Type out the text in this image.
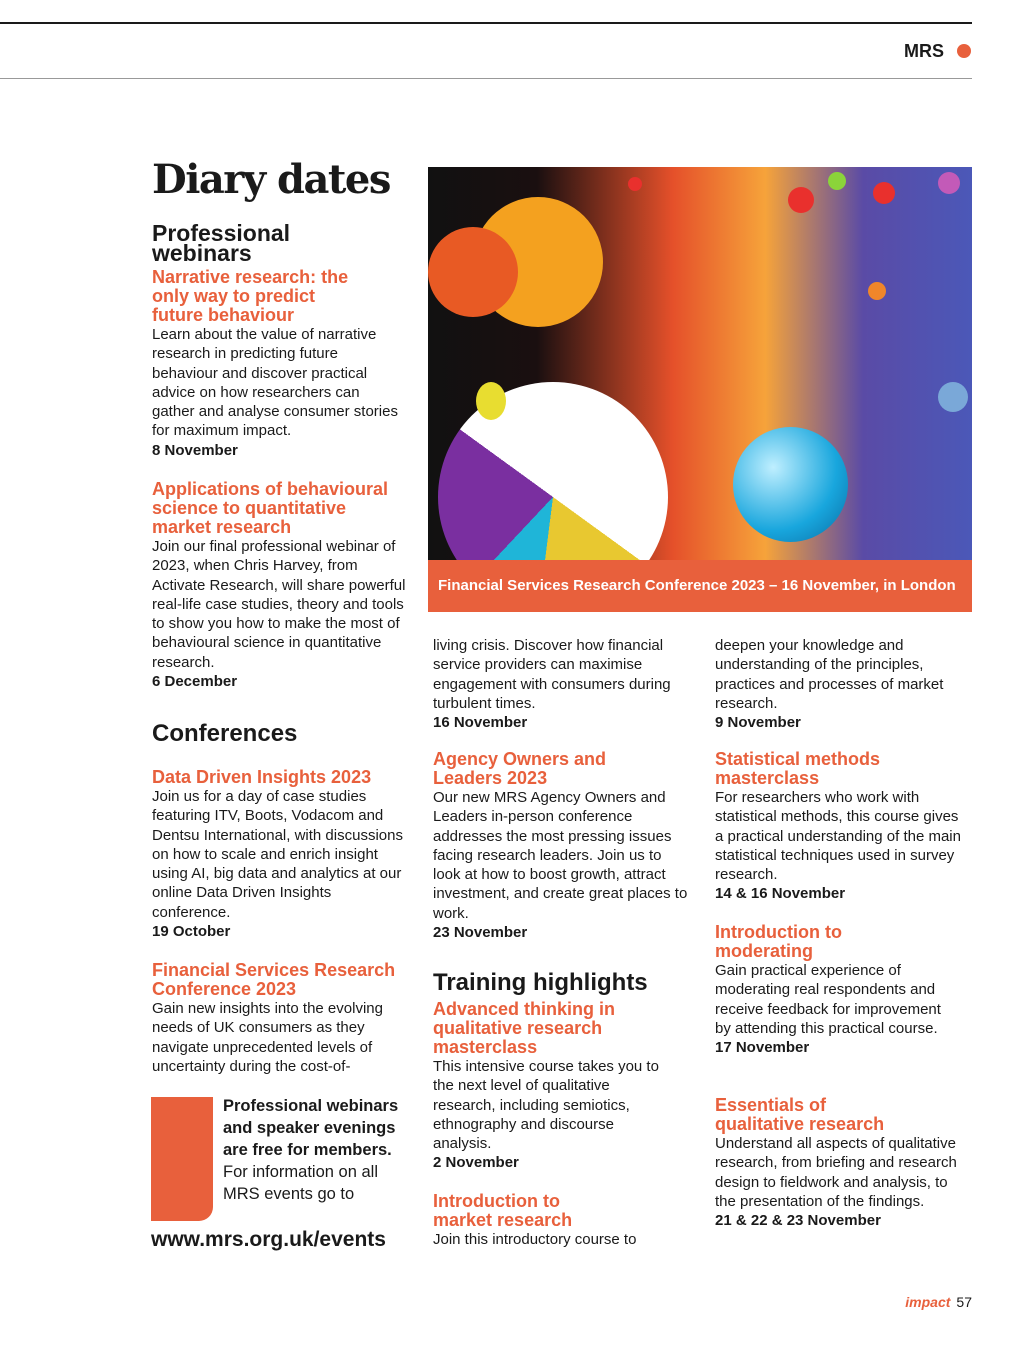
MRS
Diary dates
Professional webinars
Narrative research: the only way to predict future behaviour
Learn about the value of narrative research in predicting future behaviour and discover practical advice on how researchers can gather and analyse consumer stories for maximum impact.
8 November
Applications of behavioural science to quantitative market research
Join our final professional webinar of 2023, when Chris Harvey, from Activate Research, will share powerful real-life case studies, theory and tools to show you how to make the most of behavioural science in quantitative research.
6 December
Conferences
Data Driven Insights 2023
Join us for a day of case studies featuring ITV, Boots, Vodacom and Dentsu International, with discussions on how to scale and enrich insight using AI, big data and analytics at our online Data Driven Insights conference.
19 October
Financial Services Research Conference 2023
Gain new insights into the evolving needs of UK consumers as they navigate unprecedented levels of uncertainty during the cost-of-
Professional webinars and speaker evenings are free for members. For information on all MRS events go to
www.mrs.org.uk/events
Financial Services Research Conference 2023 – 16 November, in London
living crisis. Discover how financial service providers can maximise engagement with consumers during turbulent times.
16 November
Agency Owners and Leaders 2023
Our new MRS Agency Owners and Leaders in-person conference addresses the most pressing issues facing research leaders. Join us to look at how to boost growth, attract investment, and create great places to work.
23 November
Training highlights
Advanced thinking in qualitative research masterclass
This intensive course takes you to the next level of qualitative research, including semiotics, ethnography and discourse analysis.
2 November
Introduction to market research
Join this introductory course to
deepen your knowledge and understanding of the principles, practices and processes of market research.
9 November
Statistical methods masterclass
For researchers who work with statistical methods, this course gives a practical understanding of the main statistical techniques used in survey research.
14 & 16 November
Introduction to moderating
Gain practical experience of moderating real respondents and receive feedback for improvement by attending this practical course.
17 November
Essentials of qualitative research
Understand all aspects of qualitative research, from briefing and research design to fieldwork and analysis, to the presentation of the findings.
21 & 22 & 23 November
impact 57
